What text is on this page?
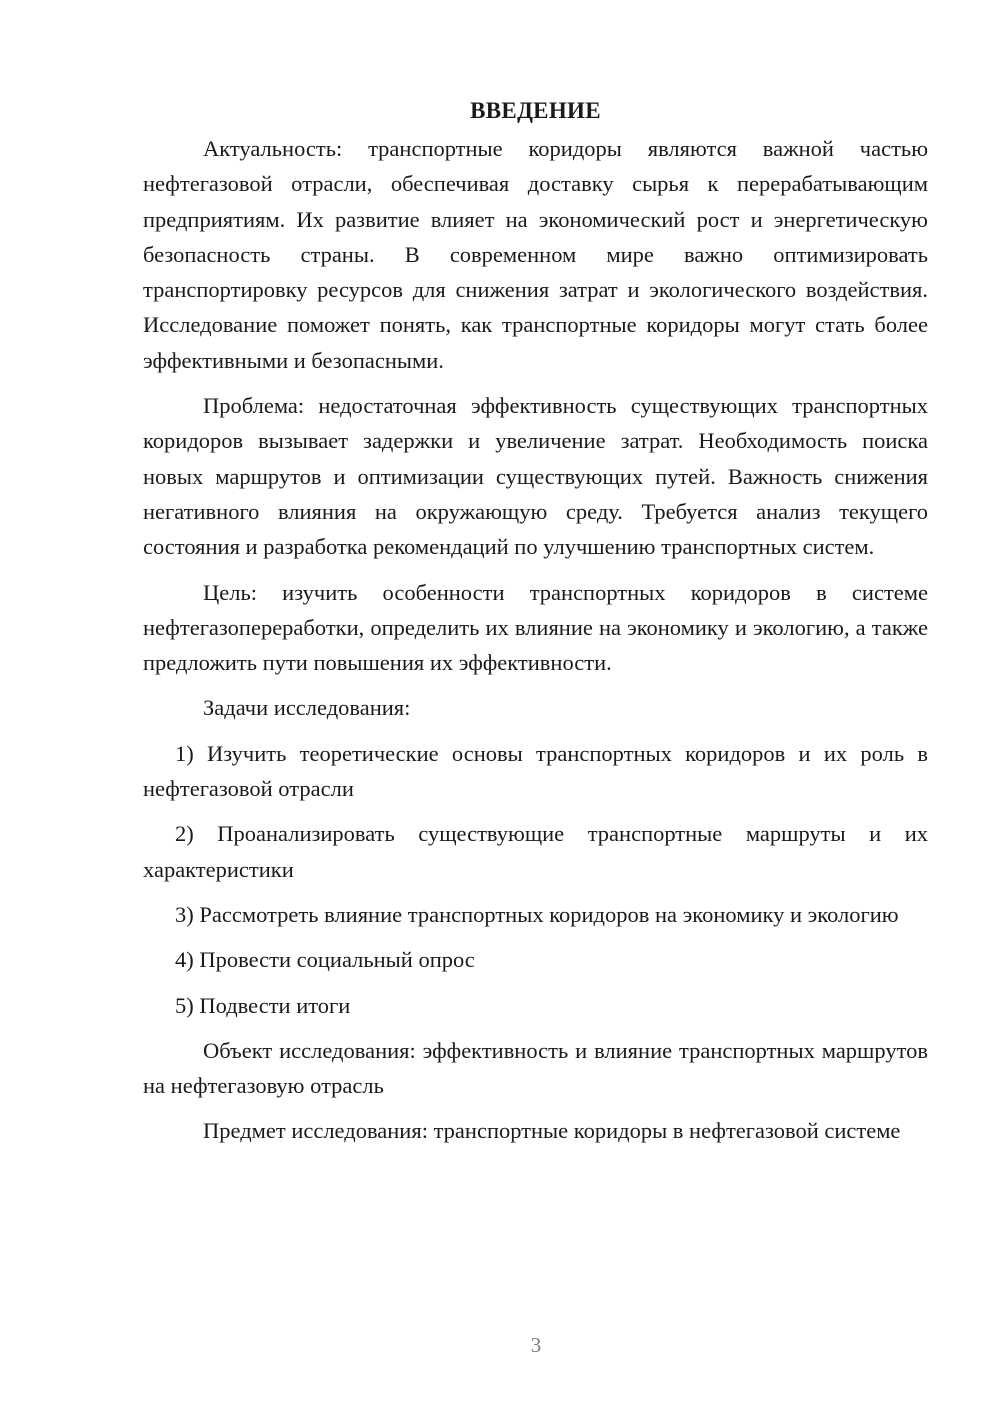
ВВЕДЕНИЕ

Актуальность: транспортные коридоры являются важной частью нефтегазовой отрасли, обеспечивая доставку сырья к перерабатывающим предприятиям. Их развитие влияет на экономический рост и энергетическую безопасность страны. В современном мире важно оптимизировать транспортировку ресурсов для снижения затрат и экологического воздействия. Исследование поможет понять, как транспортные коридоры могут стать более эффективными и безопасными.

Проблема: недостаточная эффективность существующих транспортных коридоров вызывает задержки и увеличение затрат. Необходимость поиска новых маршрутов и оптимизации существующих путей. Важность снижения негативного влияния на окружающую среду. Требуется анализ текущего состояния и разработка рекомендаций по улучшению транспортных систем.

Цель: изучить особенности транспортных коридоров в системе нефтегазопереработки, определить их влияние на экономику и экологию, а также предложить пути повышения их эффективности.

Задачи исследования:

1) Изучить теоретические основы транспортных коридоров и их роль в нефтегазовой отрасли

2) Проанализировать существующие транспортные маршруты и их характеристики

3) Рассмотреть влияние транспортных коридоров на экономику и экологию

4) Провести социальный опрос

5) Подвести итоги

Объект исследования: эффективность и влияние транспортных маршрутов на нефтегазовую отрасль

Предмет исследования: транспортные коридоры в нефтегазовой системе

3
